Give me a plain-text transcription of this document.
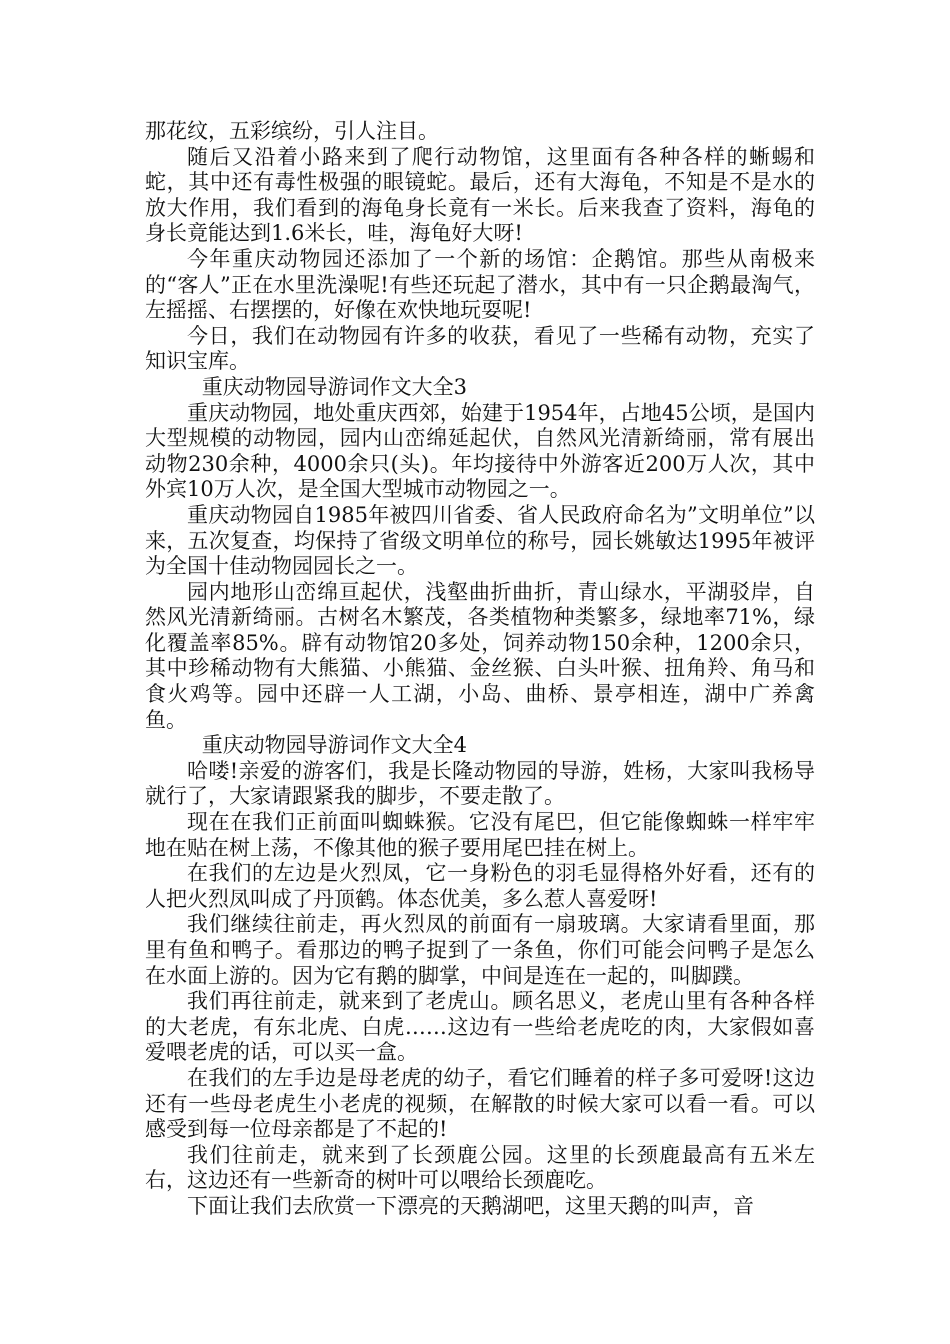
那花纹，五彩缤纷，引人注目。

随后又沿着小路来到了爬行动物馆，这里面有各种各样的蜥蜴和蛇，其中还有毒性极强的眼镜蛇。最后，还有大海龟，不知是不是水的放大作用，我们看到的海龟身长竟有一米长。后来我查了资料，海龟的身长竟能达到1.6米长，哇，海龟好大呀!

今年重庆动物园还添加了一个新的场馆：企鹅馆。那些从南极来的“客人”正在水里洗澡呢!有些还玩起了潜水，其中有一只企鹅最淘气，左摇摇、右摆摆的，好像在欢快地玩耍呢!

今日，我们在动物园有许多的收获，看见了一些稀有动物，充实了知识宝库。

重庆动物园导游词作文大全3

重庆动物园，地处重庆西郊，始建于1954年，占地45公顷，是国内大型规模的动物园，园内山峦绵延起伏，自然风光清新绮丽，常有展出动物230余种，4000余只(头)。年均接待中外游客近200万人次，其中外宾10万人次，是全国大型城市动物园之一。

重庆动物园自1985年被四川省委、省人民政府命名为”文明单位”以来，五次复查，均保持了省级文明单位的称号，园长姚敏达1995年被评为全国十佳动物园园长之一。

园内地形山峦绵亘起伏，浅壑曲折曲折，青山绿水，平湖驳岸，自然风光清新绮丽。古树名木繁茂，各类植物种类繁多，绿地率71%，绿化覆盖率85%。辟有动物馆20多处，饲养动物150余种，1200余只，其中珍稀动物有大熊猫、小熊猫、金丝猴、白头叶猴、扭角羚、角马和食火鸡等。园中还辟一人工湖，小岛、曲桥、景亭相连，湖中广养禽鱼。

重庆动物园导游词作文大全4

哈喽!亲爱的游客们，我是长隆动物园的导游，姓杨，大家叫我杨导就行了，大家请跟紧我的脚步，不要走散了。

现在在我们正前面叫蜘蛛猴。它没有尾巴，但它能像蜘蛛一样牢牢地在贴在树上荡，不像其他的猴子要用尾巴挂在树上。

在我们的左边是火烈凤，它一身粉色的羽毛显得格外好看，还有的人把火烈凤叫成了丹顶鹤。体态优美，多么惹人喜爱呀!

我们继续往前走，再火烈凤的前面有一扇玻璃。大家请看里面，那里有鱼和鸭子。看那边的鸭子捉到了一条鱼，你们可能会问鸭子是怎么在水面上游的。因为它有鹅的脚掌，中间是连在一起的，叫脚蹼。

我们再往前走，就来到了老虎山。顾名思义，老虎山里有各种各样的大老虎，有东北虎、白虎……这边有一些给老虎吃的肉，大家假如喜爱喂老虎的话，可以买一盒。

在我们的左手边是母老虎的幼子，看它们睡着的样子多可爱呀!这边还有一些母老虎生小老虎的视频，在解散的时候大家可以看一看。可以感受到每一位母亲都是了不起的!

我们往前走，就来到了长颈鹿公园。这里的长颈鹿最高有五米左右，这边还有一些新奇的树叶可以喂给长颈鹿吃。

下面让我们去欣赏一下漂亮的天鹅湖吧，这里天鹅的叫声，音
